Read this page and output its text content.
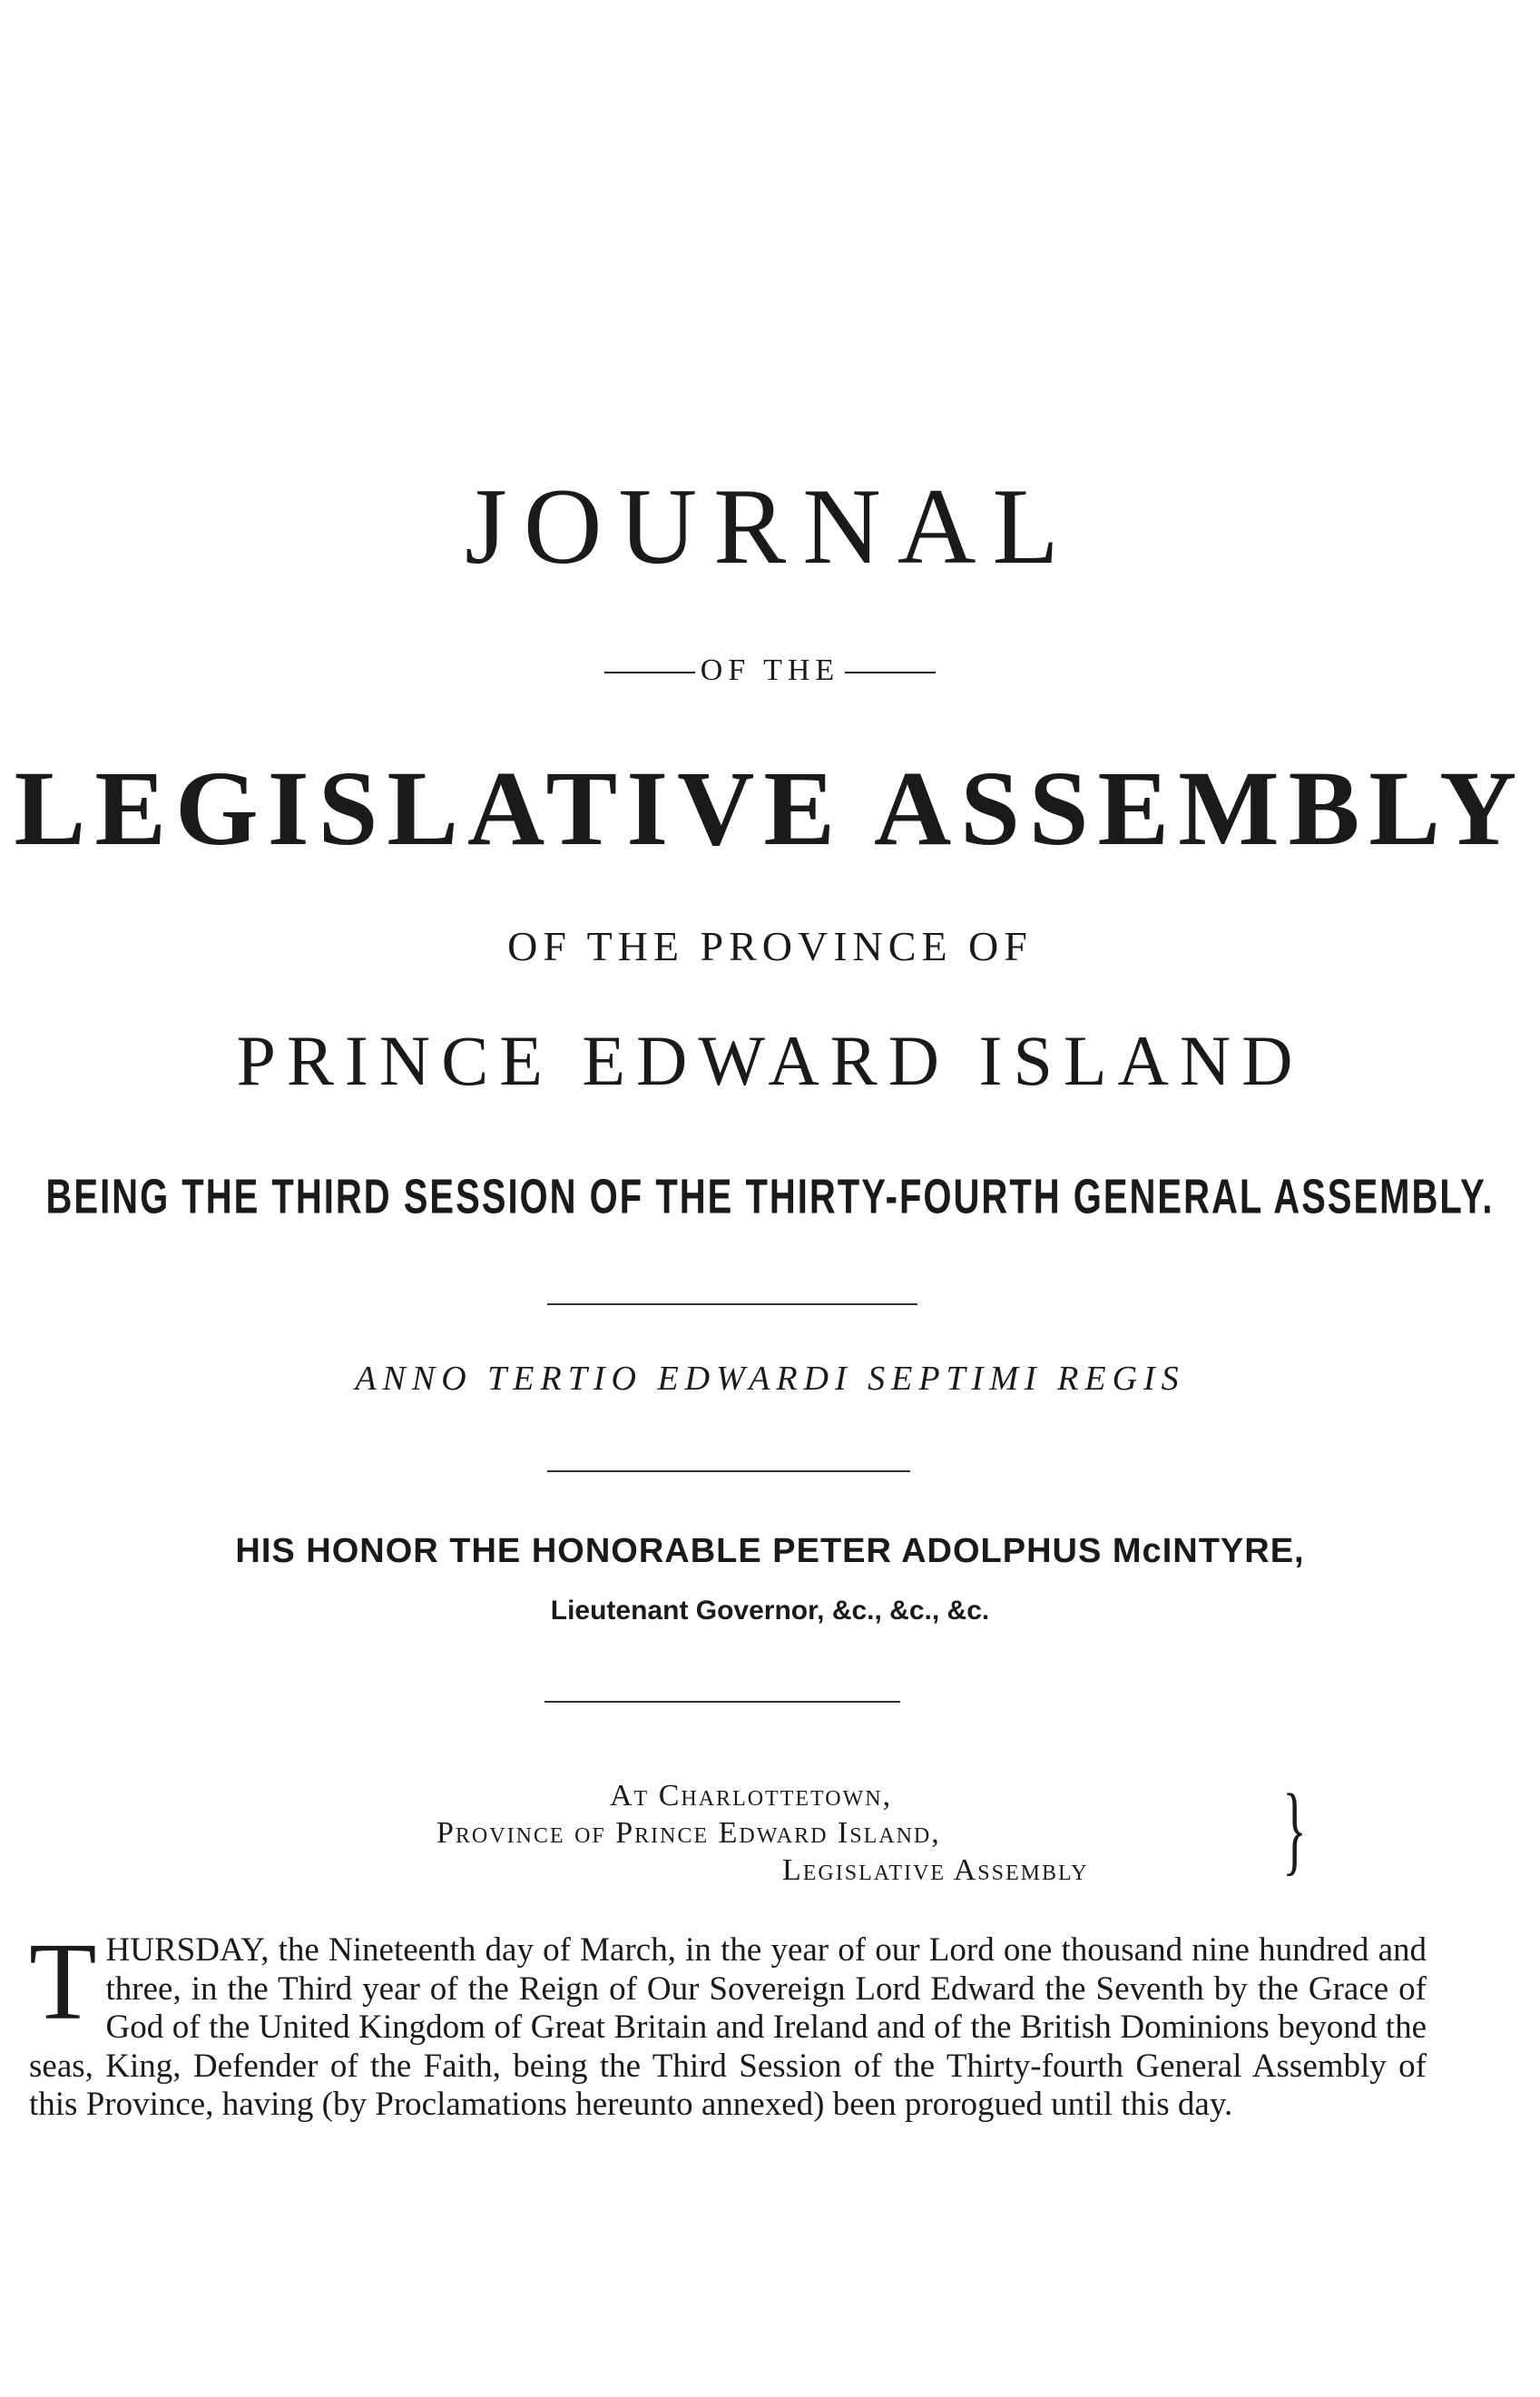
JOURNAL
OF THE
LEGISLATIVE ASSEMBLY
OF THE PROVINCE OF
PRINCE EDWARD ISLAND
BEING THE THIRD SESSION OF THE THIRTY-FOURTH GENERAL ASSEMBLY.
ANNO TERTIO EDWARDI SEPTIMI REGIS
HIS HONOR THE HONORABLE PETER ADOLPHUS McINTYRE,
Lieutenant Governor, &c., &c., &c.
At Charlottetown,
Province of Prince Edward Island,
Legislative Assembly }
THURSDAY, the Nineteenth day of March, in the year of our Lord one thousand nine hundred and three, in the Third year of the Reign of Our Sovereign Lord Edward the Seventh by the Grace of God of the United Kingdom of Great Britain and Ireland and of the British Dominions beyond the seas, King, Defender of the Faith, being the Third Session of the Thirty-fourth General Assembly of this Province, having (by Proclamations hereunto annexed) been prorogued until this day.
